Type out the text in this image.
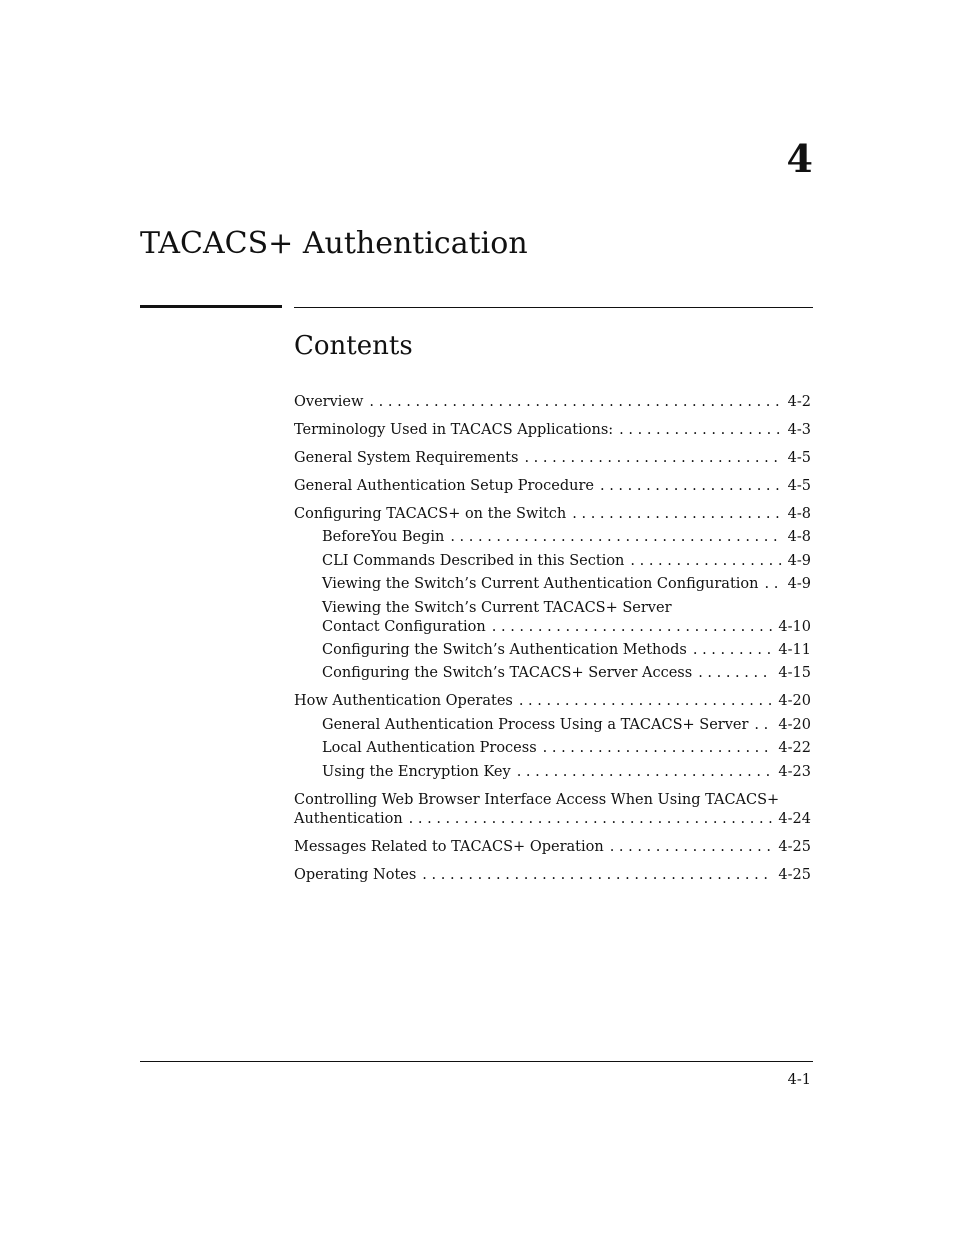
4
TACACS+ Authentication
Contents
Overview . . .	4-2
Terminology Used in TACACS Applications: . . .	4-3
General System Requirements . . .	4-5
General Authentication Setup Procedure . . .	4-5
Configuring TACACS+ on the Switch . . .	4-8
BeforeYou Begin . . .	4-8
CLI Commands Described in this Section . . .	4-9
Viewing the Switch’s Current Authentication Configuration . . . 4-9
Viewing the Switch’s Current TACACS+ Server
Contact Configuration . . .	4-10
Configuring the Switch’s Authentication Methods . . .	4-11
Configuring the Switch’s TACACS+ Server Access . . .	4-15
How Authentication Operates . . .	4-20
General Authentication Process Using a TACACS+ Server . . . 4-20
Local Authentication Process . . .	4-22
Using the Encryption Key . . .	4-23
Controlling Web Browser Interface Access When Using TACACS+
Authentication . . .	4-24
Messages Related to TACACS+ Operation . . .	4-25
Operating Notes . . .	4-25
4-1
